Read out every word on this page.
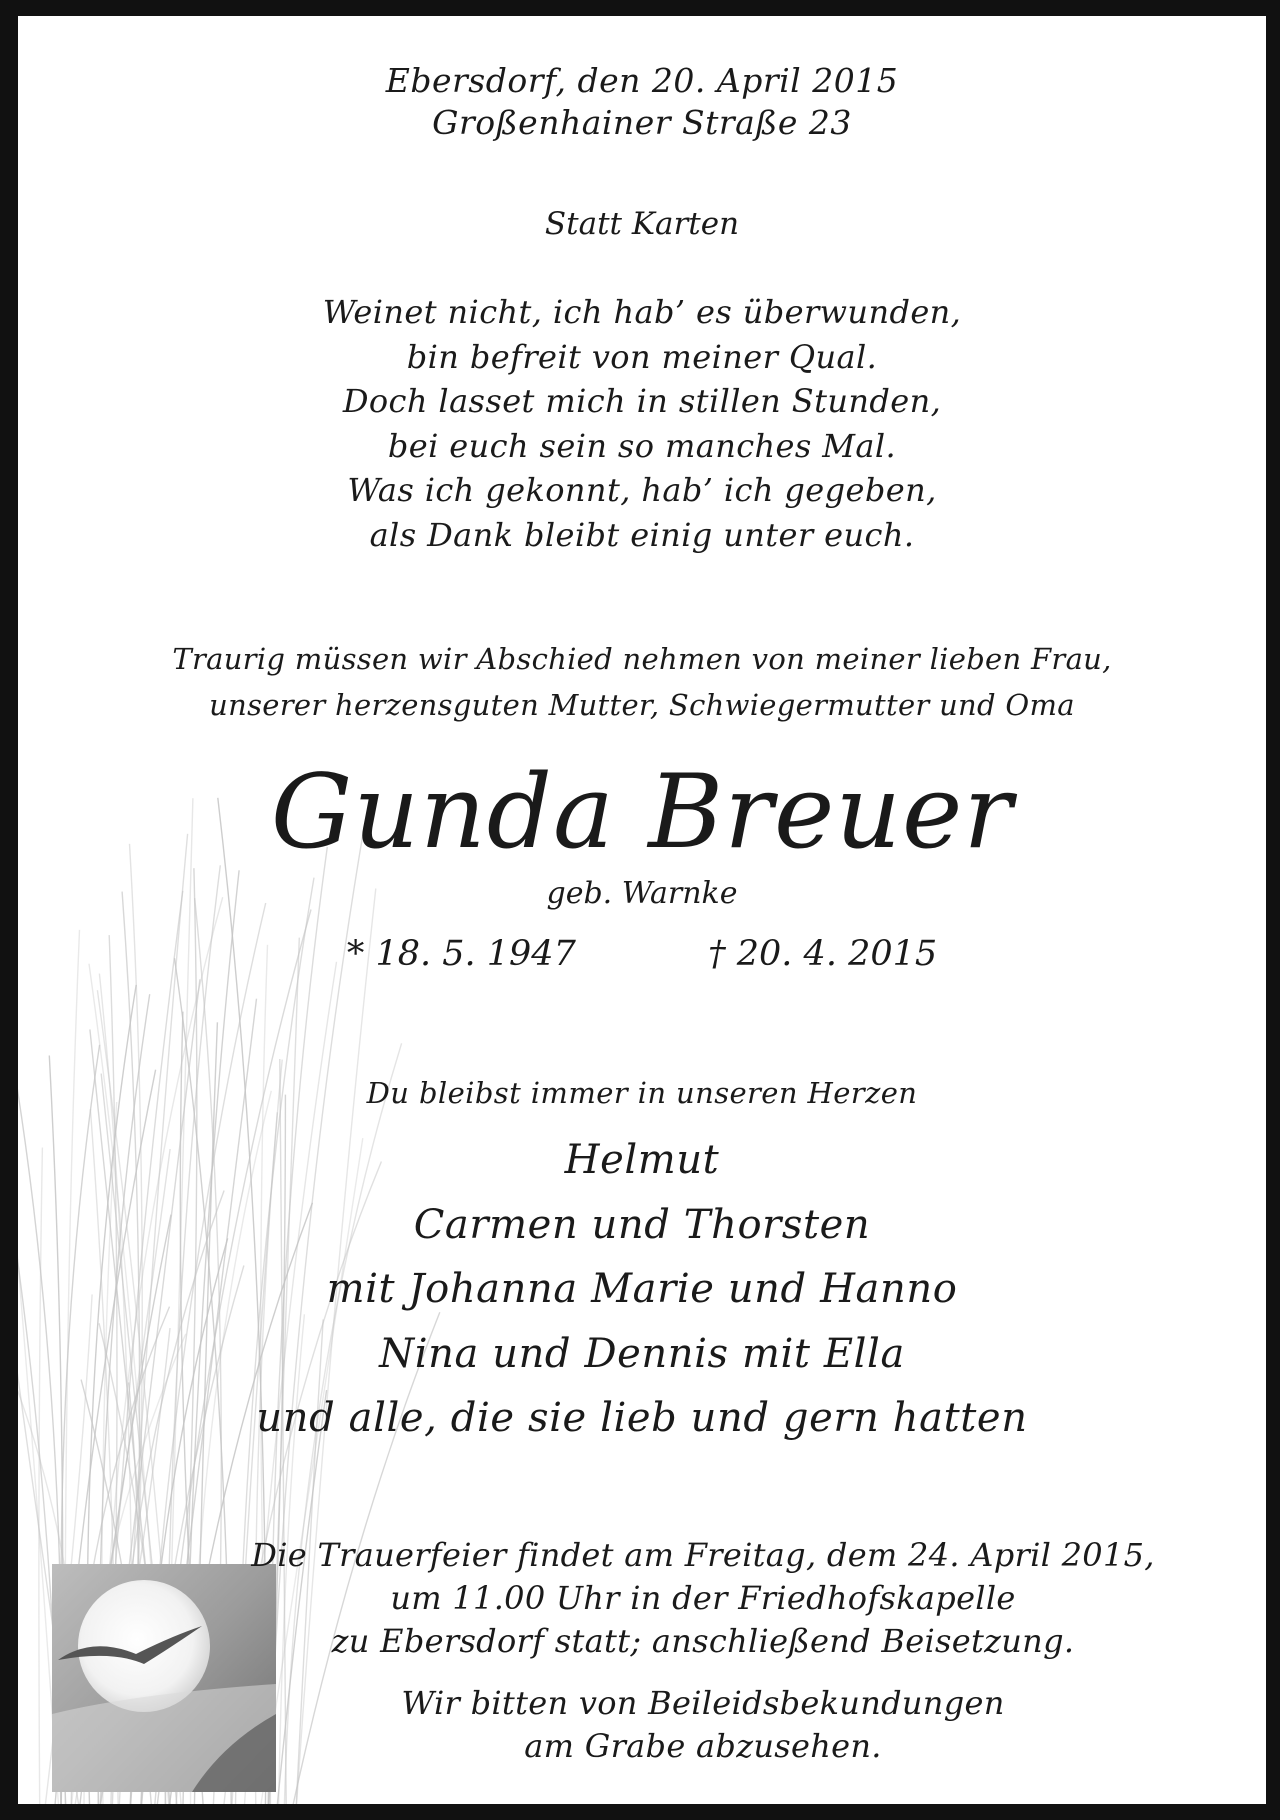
Ebersdorf, den 20. April 2015
Großenhainer Straße 23
Statt Karten
Weinet nicht, ich hab’ es überwunden,
bin befreit von meiner Qual.
Doch lasset mich in stillen Stunden,
bei euch sein so manches Mal.
Was ich gekonnt, hab’ ich gegeben,
als Dank bleibt einig unter euch.
Traurig müssen wir Abschied nehmen von meiner lieben Frau,
unserer herzensguten Mutter, Schwiegermutter und Oma
Gunda Breuer
geb. Warnke
* 18. 5. 1947	† 20. 4. 2015
Du bleibst immer in unseren Herzen
Helmut
Carmen und Thorsten
mit Johanna Marie und Hanno
Nina und Dennis mit Ella
und alle, die sie lieb und gern hatten
Die Trauerfeier findet am Freitag, dem 24. April 2015,
um 11.00 Uhr in der Friedhofskapelle
zu Ebersdorf statt; anschließend Beisetzung.
Wir bitten von Beileidsbekundungen
am Grabe abzusehen.
